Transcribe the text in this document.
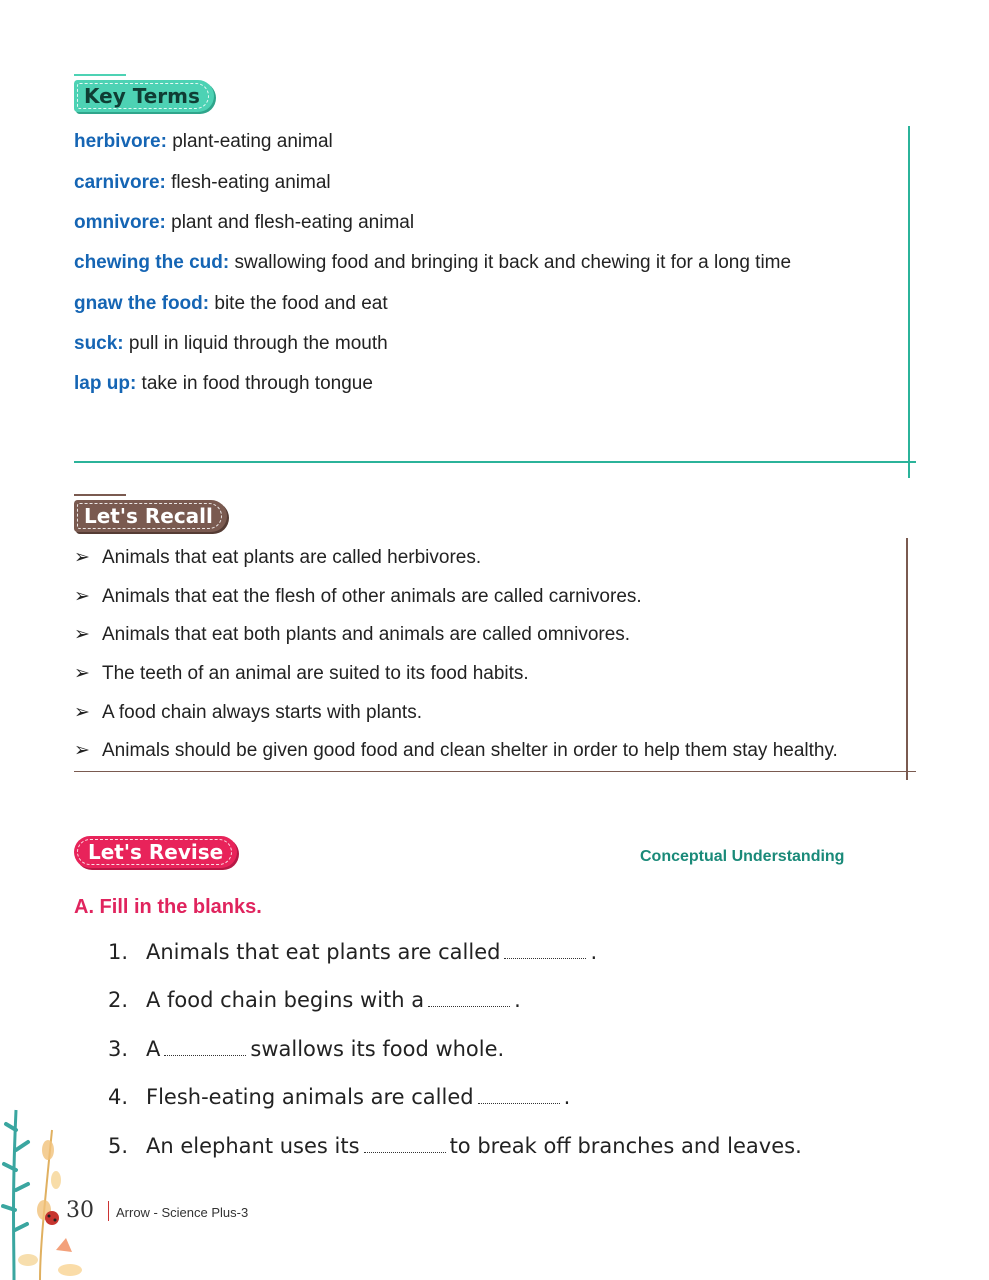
Key Terms
herbivore: plant-eating animal
carnivore: flesh-eating animal
omnivore: plant and flesh-eating animal
chewing the cud: swallowing food and bringing it back and chewing it for a long time
gnaw the food: bite the food and eat
suck: pull in liquid through the mouth
lap up: take in food through tongue
Let's Recall
➢ Animals that eat plants are called herbivores.
➢ Animals that eat the flesh of other animals are called carnivores.
➢ Animals that eat both plants and animals are called omnivores.
➢ The teeth of an animal are suited to its food habits.
➢ A food chain always starts with plants.
➢ Animals should be given good food and clean shelter in order to help them stay healthy.
Let's Revise	Conceptual Understanding
A. Fill in the blanks.
1. Animals that eat plants are called	.
2. A food chain begins with a	.
3. A	swallows its food whole.
4. Flesh-eating animals are called	.
5. An elephant uses its	to break off branches and leaves.
30 Arrow - Science Plus-3
